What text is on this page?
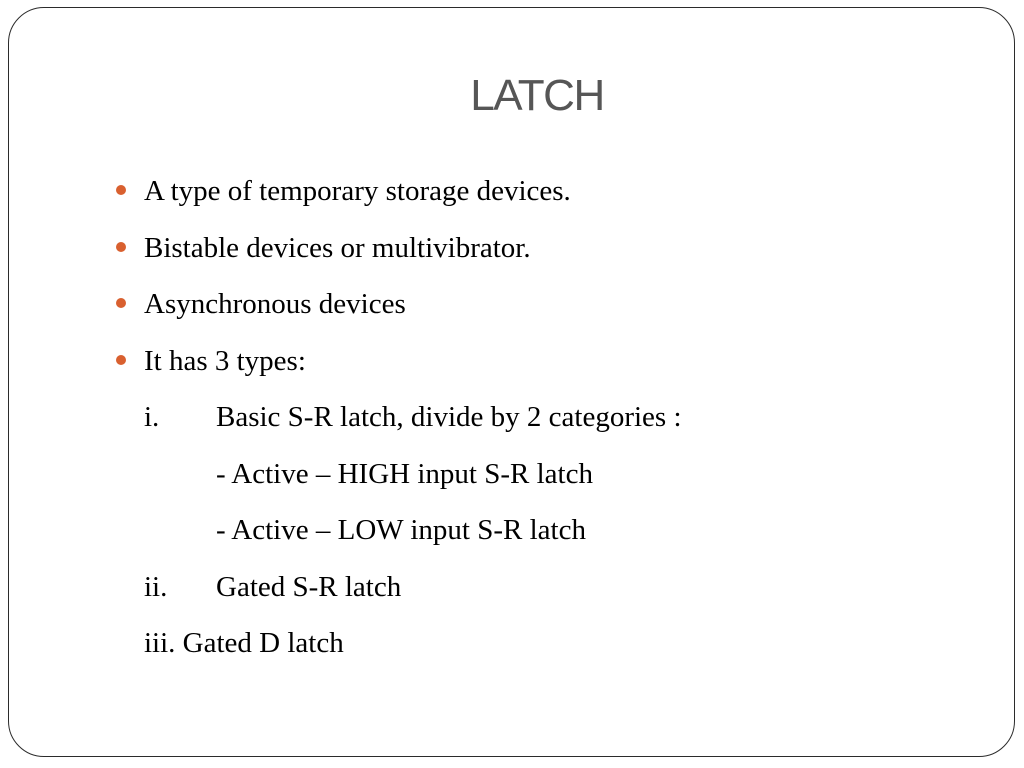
LATCH
A type of temporary storage devices.
Bistable devices or multivibrator.
Asynchronous devices
It has 3 types:
i. Basic S-R latch, divide by 2 categories :
- Active – HIGH input S-R latch
- Active – LOW input S-R latch
ii. Gated S-R latch
iii. Gated D latch
